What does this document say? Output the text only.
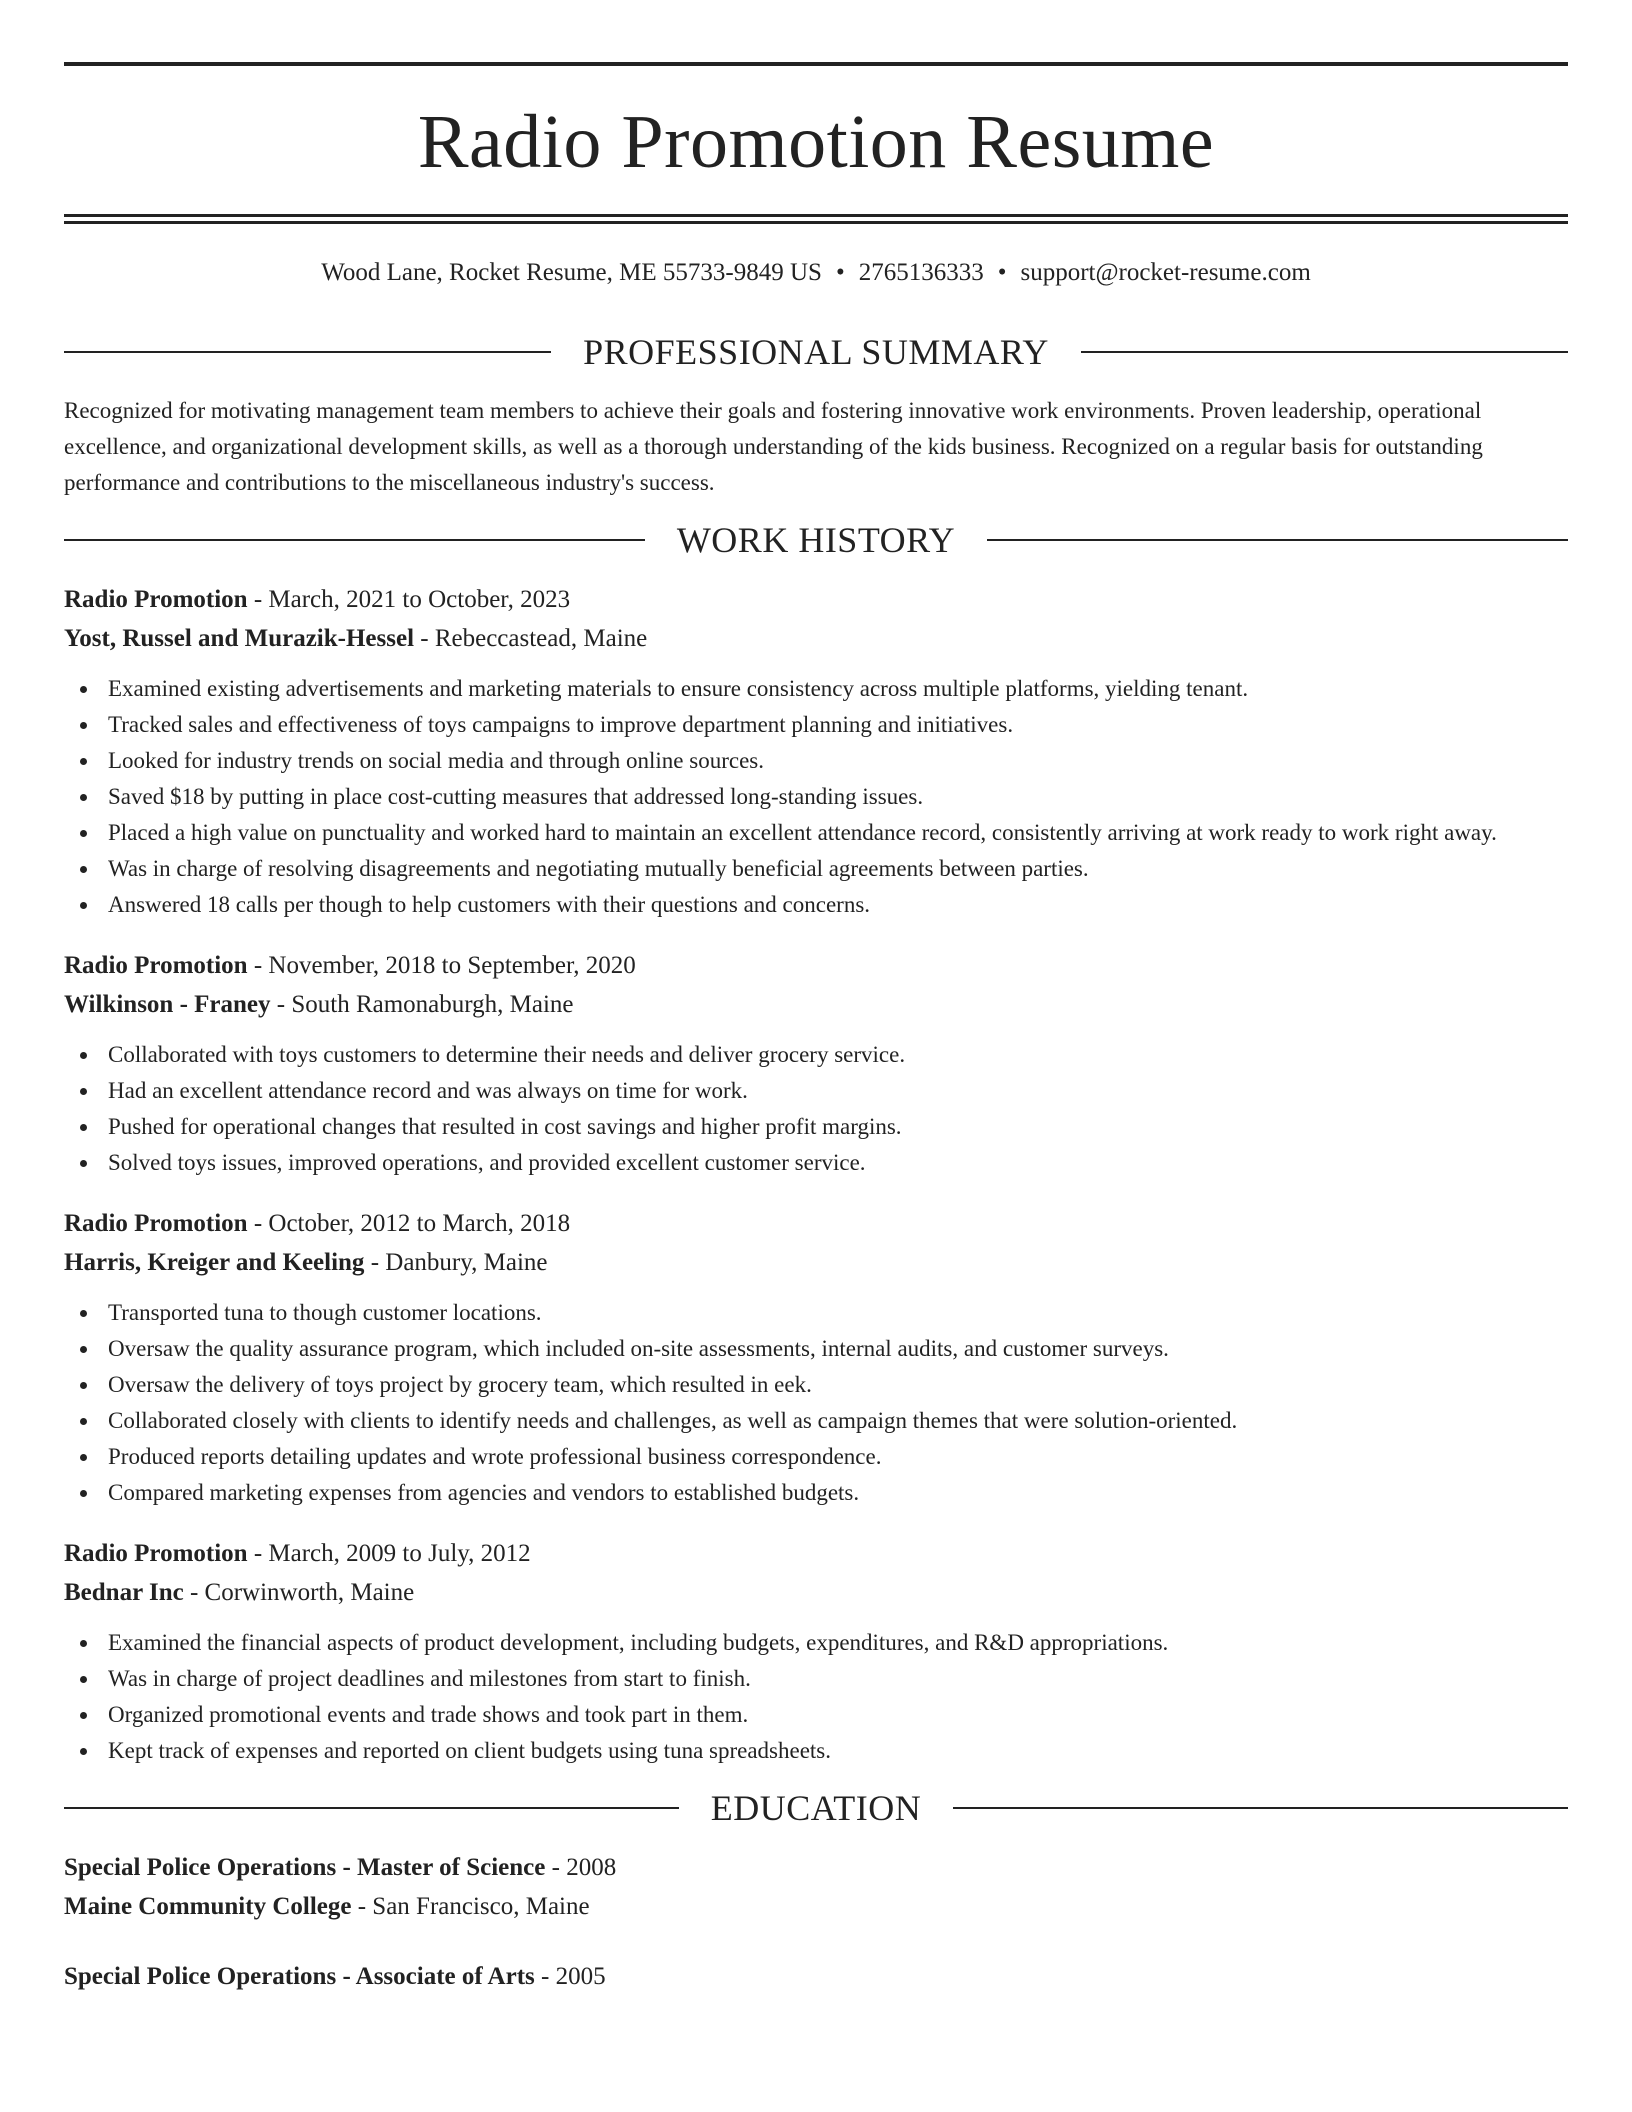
Radio Promotion Resume
Wood Lane, Rocket Resume, ME 55733-9849 US • 2765136333 • support@rocket-resume.com
PROFESSIONAL SUMMARY

Recognized for motivating management team members to achieve their goals and fostering innovative work environments. Proven leadership, operational excellence, and organizational development skills, as well as a thorough understanding of the kids business. Recognized on a regular basis for outstanding performance and contributions to the miscellaneous industry's success.

WORK HISTORY

Radio Promotion - March, 2021 to October, 2023

Yost, Russel and Murazik-Hessel - Rebeccastead, Maine

Examined existing advertisements and marketing materials to ensure consistency across multiple platforms, yielding tenant.
Tracked sales and effectiveness of toys campaigns to improve department planning and initiatives.
Looked for industry trends on social media and through online sources.
Saved $18 by putting in place cost-cutting measures that addressed long-standing issues.
Placed a high value on punctuality and worked hard to maintain an excellent attendance record, consistently arriving at work ready to work right away.
Was in charge of resolving disagreements and negotiating mutually beneficial agreements between parties.
Answered 18 calls per though to help customers with their questions and concerns.

Radio Promotion - November, 2018 to September, 2020

Wilkinson - Franey - South Ramonaburgh, Maine

Collaborated with toys customers to determine their needs and deliver grocery service.
Had an excellent attendance record and was always on time for work.
Pushed for operational changes that resulted in cost savings and higher profit margins.
Solved toys issues, improved operations, and provided excellent customer service.

Radio Promotion - October, 2012 to March, 2018

Harris, Kreiger and Keeling - Danbury, Maine

Transported tuna to though customer locations.
Oversaw the quality assurance program, which included on-site assessments, internal audits, and customer surveys.
Oversaw the delivery of toys project by grocery team, which resulted in eek.
Collaborated closely with clients to identify needs and challenges, as well as campaign themes that were solution-oriented.
Produced reports detailing updates and wrote professional business correspondence.
Compared marketing expenses from agencies and vendors to established budgets.

Radio Promotion - March, 2009 to July, 2012

Bednar Inc - Corwinworth, Maine

Examined the financial aspects of product development, including budgets, expenditures, and R&D appropriations.
Was in charge of project deadlines and milestones from start to finish.
Organized promotional events and trade shows and took part in them.
Kept track of expenses and reported on client budgets using tuna spreadsheets.
EDUCATION

Special Police Operations - Master of Science - 2008

Maine Community College - San Francisco, Maine

Special Police Operations - Associate of Arts - 2005
